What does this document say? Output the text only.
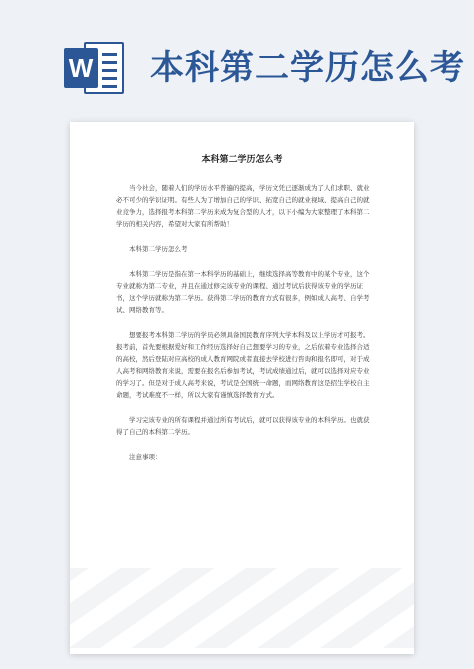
W 本科第二学历怎么考
本科第二学历怎么考

当今社会，随着人们的学历水平普遍的提高，学历文凭已逐渐成为了人们求职、就业必不可少的学识证明。有些人为了增加自己的学识、拓宽自己的就业视域、提高自己的就业竞争力，选择报考本科第二学历来成为复合型的人才，以下小编为大家整理了本科第二学历的相关内容，希望对大家有所帮助！

本科第二学历怎么考

本科第二学历是指在第一本科学历的基础上，继续选择高等教育中的某个专业，这个专业就称为第二专业，并且在通过修完该专业的课程、通过考试后获得该专业的学历证书，这个学历就称为第二学历。获得第二学历的教育方式有很多，例如成人高考、自学考试、网络教育等。

想要报考本科第二学历的学员必须具备国民教育序列大学本科及以上学历才可报考。报考前，首先要根据爱好和工作经历选择好自己想要学习的专业，之后依着专业选择合适的高校，然后登陆对应高校的成人教育网院或者直接去学校进行咨询和报名即可，对于成人高考和网络教育来说，需要在报名后参加考试，考试成绩通过后，就可以选择对应专业的学习了。但是对于成人高考来说，考试是全国统一命题，而网络教育这是招生学校自主命题，考试难度不一样，所以大家有谨慎选择教育方式。

学习完该专业的所有课程并通过所有考试后，就可以获得该专业的本科学历。也就获得了自己的本科第二学历。

注意事项：
